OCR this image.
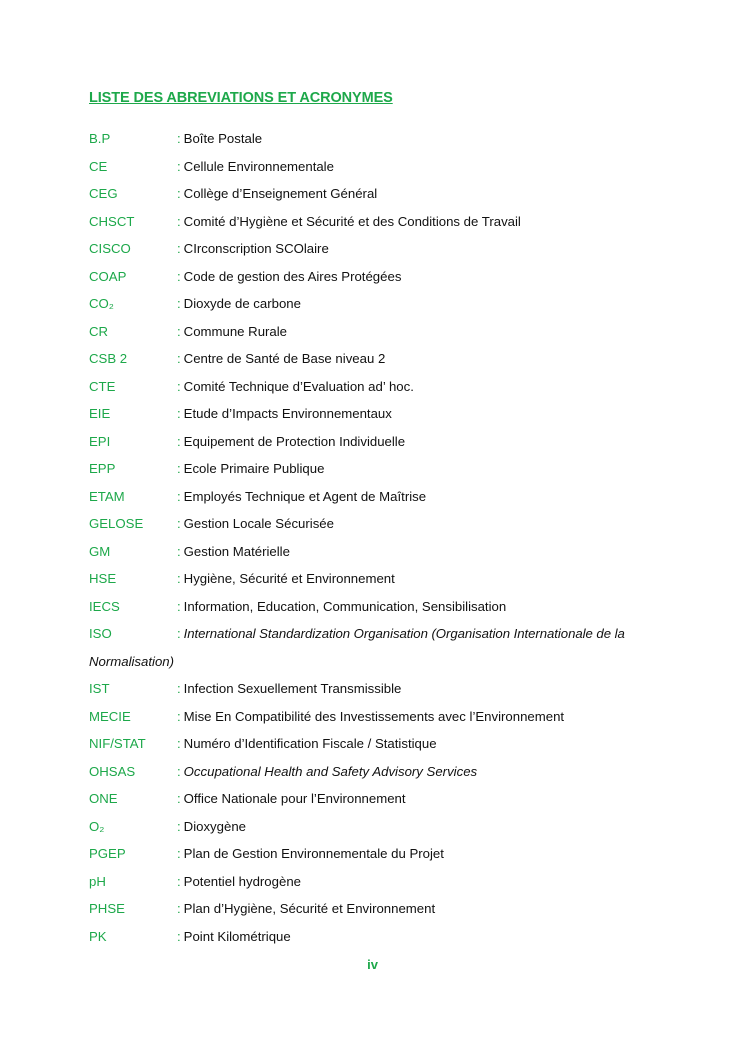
LISTE DES ABREVIATIONS ET ACRONYMES
B.P	: Boîte Postale
CE	: Cellule Environnementale
CEG	: Collège d’Enseignement Général
CHSCT	: Comité d’Hygiène et Sécurité et des Conditions de Travail
CISCO	: CIrconscription SCOlaire
COAP	: Code de gestion des Aires Protégées
CO₂	: Dioxyde de carbone
CR	: Commune Rurale
CSB 2	: Centre de Santé de Base niveau 2
CTE	: Comité Technique d’Evaluation ad’ hoc.
EIE	: Etude d’Impacts Environnementaux
EPI	: Equipement de Protection Individuelle
EPP	: Ecole Primaire Publique
ETAM	: Employés Technique et Agent de Maîtrise
GELOSE	: Gestion Locale Sécurisée
GM	: Gestion Matérielle
HSE	: Hygiène, Sécurité et Environnement
IECS	: Information, Education, Communication, Sensibilisation
ISO	: International Standardization Organisation (Organisation Internationale de la
Normalisation)
IST	: Infection Sexuellement Transmissible
MECIE	: Mise En Compatibilité des Investissements avec l’Environnement
NIF/STAT	: Numéro d’Identification Fiscale / Statistique
OHSAS	: Occupational Health and Safety Advisory Services
ONE	: Office Nationale pour l’Environnement
O₂	: Dioxygène
PGEP	: Plan de Gestion Environnementale du Projet
pH	: Potentiel hydrogène
PHSE	: Plan d’Hygiène, Sécurité et Environnement
PK	: Point Kilométrique
iv
